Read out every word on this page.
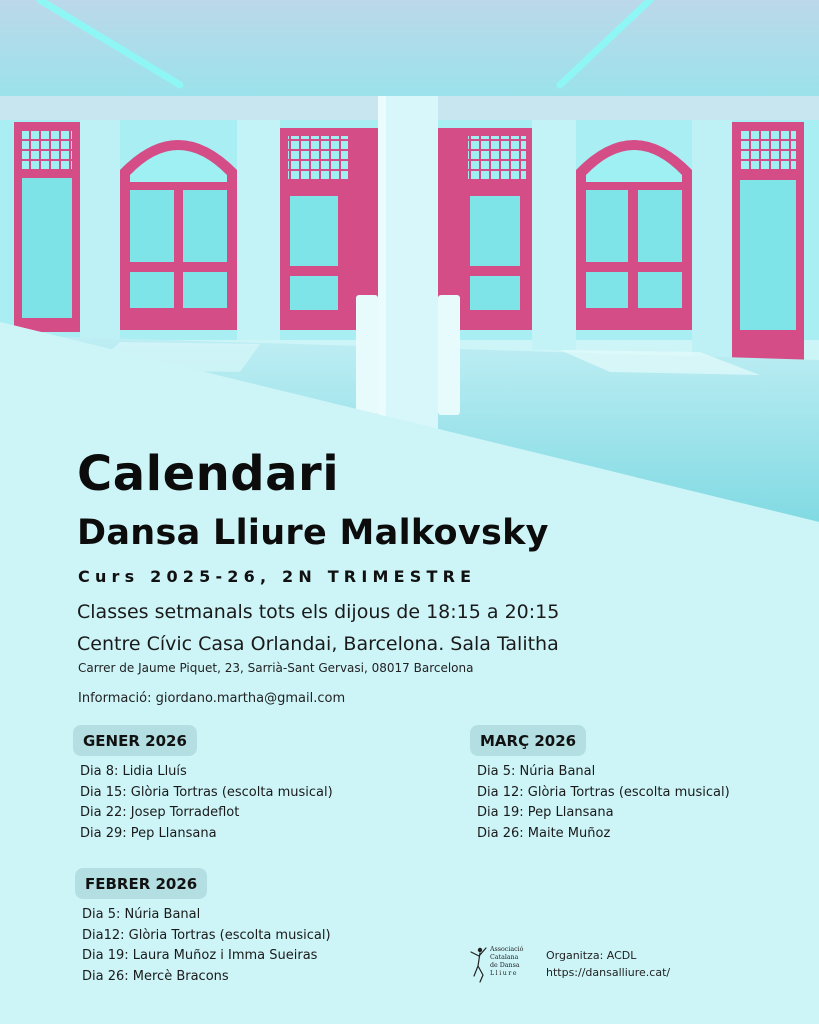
Calendari
Dansa Lliure Malkovsky
Curs 2025-26, 2N TRIMESTRE
Classes setmanals tots els dijous de 18:15 a 20:15
Centre Cívic Casa Orlandai, Barcelona. Sala Talitha
Carrer de Jaume Piquet, 23, Sarrià-Sant Gervasi, 08017 Barcelona
Informació: giordano.martha@gmail.com
GENER 2026
Dia 8: Lidia Lluís
Dia 15: Glòria Tortras (escolta musical)
Dia 22: Josep Torradeflot
Dia 29: Pep Llansana
FEBRER 2026
Dia 5: Núria Banal
Dia12: Glòria Tortras (escolta musical)
Dia 19: Laura Muñoz i Imma Sueiras
Dia 26: Mercè Bracons
MARÇ 2026
Dia 5: Núria Banal
Dia 12: Glòria Tortras (escolta musical)
Dia 19: Pep Llansana
Dia 26: Maite Muñoz
Associació
Catalana
de Dansa
Lliure
Organitza: ACDL
https://dansalliure.cat/
